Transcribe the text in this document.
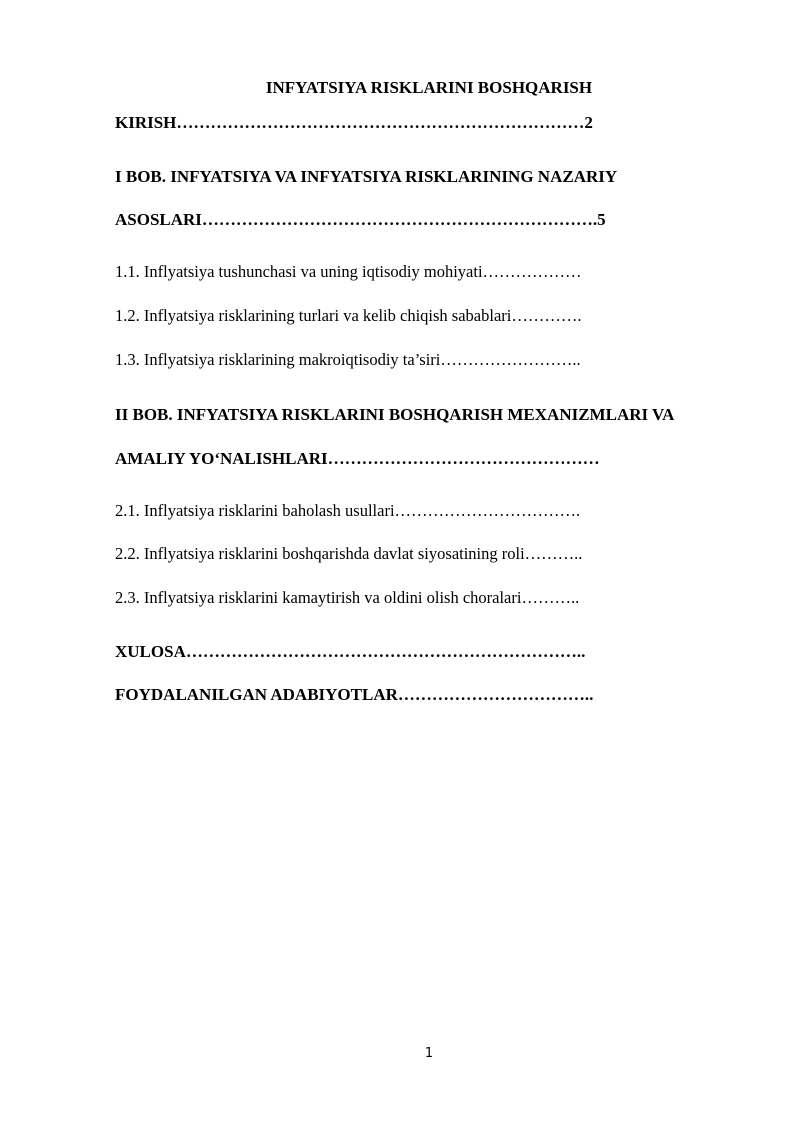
INFYATSIYA RISKLARINI BOSHQARISH
KIRISH………………………………………………………………2
I BOB. INFYATSIYA VA INFYATSIYA RISKLARINING NAZARIY
ASOSLARI…………………………………………………………….5
1.1. Inflyatsiya tushunchasi va uning iqtisodiy mohiyati………………
1.2. Inflyatsiya risklarining turlari va kelib chiqish sabablari………….
1.3. Inflyatsiya risklarining makroiqtisodiy ta’siri……………………..
II BOB. INFYATSIYA RISKLARINI BOSHQARISH MEXANIZMLARI VA
AMALIY YO‘NALISHLARI…………………………………………
2.1. Inflyatsiya risklarini baholash usullari…………………………….
2.2. Inflyatsiya risklarini boshqarishda davlat siyosatining roli………..
2.3. Inflyatsiya risklarini kamaytirish va oldini olish choralari………..
XULOSA……………………………………………………………..
FOYDALANILGAN ADABIYOTLAR……………………………..
1
